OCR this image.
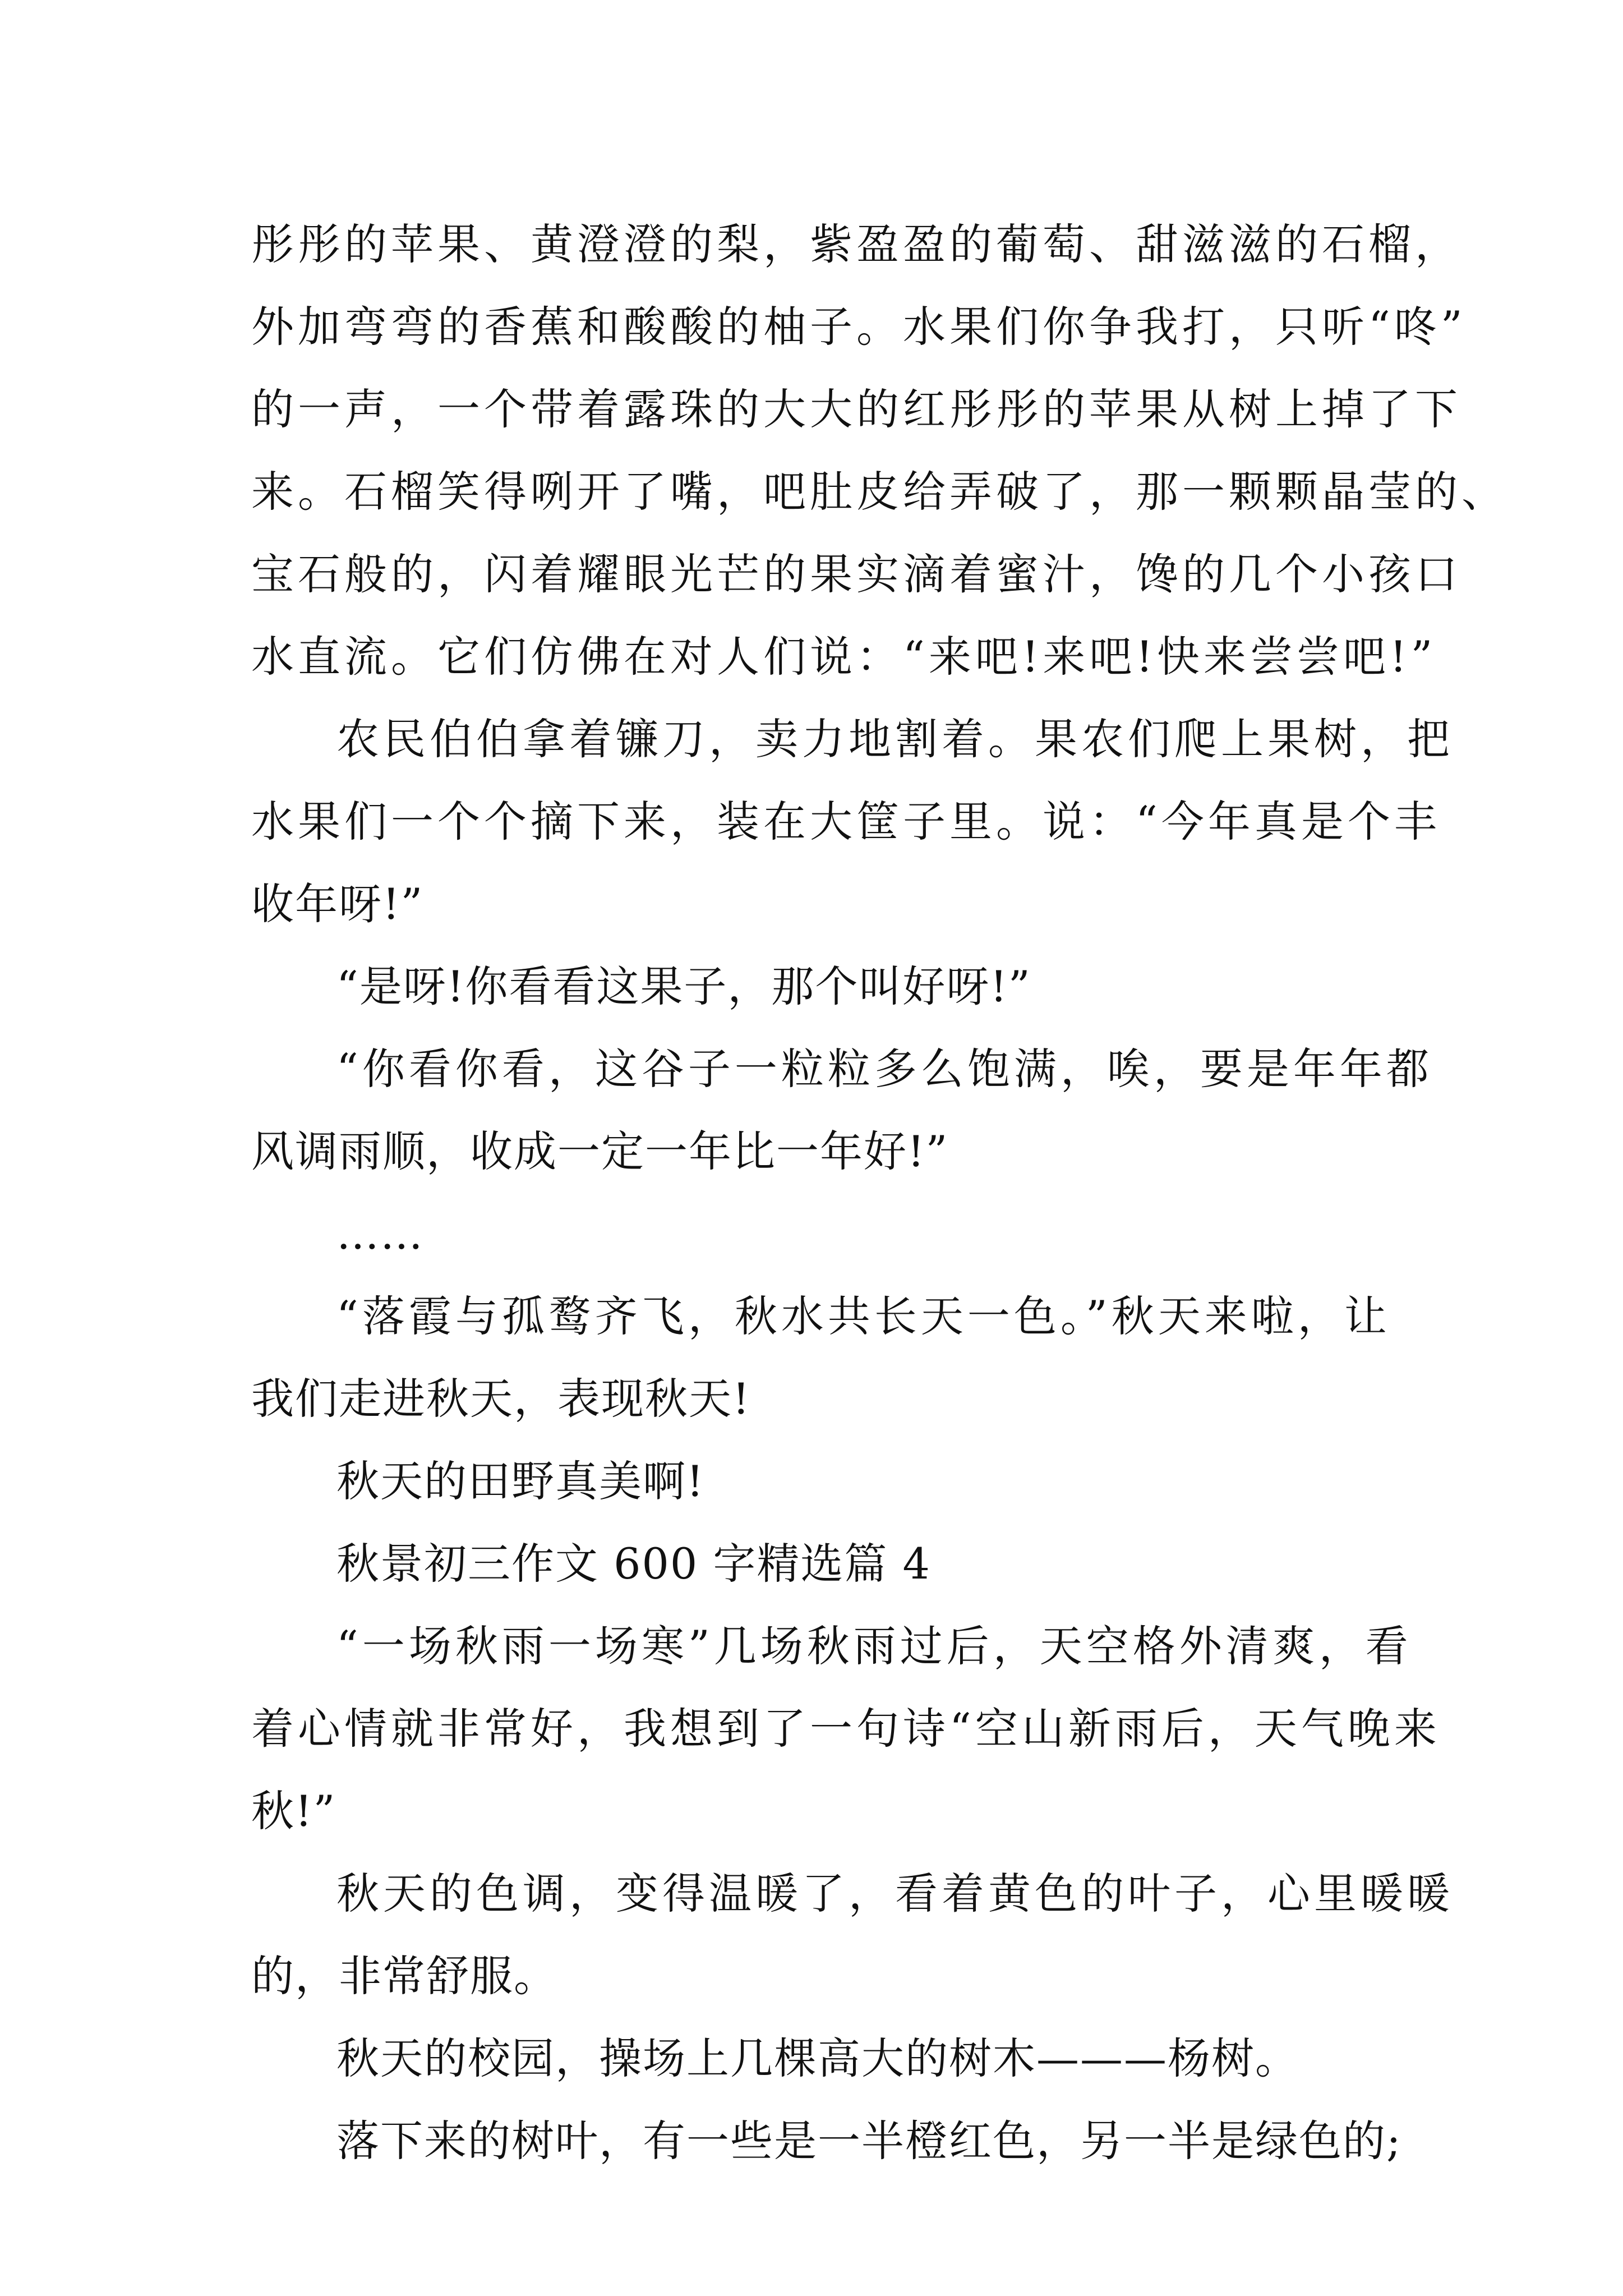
彤彤的苹果、黄澄澄的梨，紫盈盈的葡萄、甜滋滋的石榴，
外加弯弯的香蕉和酸酸的柚子。水果们你争我打，只听“咚”
的一声，一个带着露珠的大大的红彤彤的苹果从树上掉了下
来。石榴笑得咧开了嘴，吧肚皮给弄破了，那一颗颗晶莹的、
宝石般的，闪着耀眼光芒的果实滴着蜜汁，馋的几个小孩口
水直流。它们仿佛在对人们说：“来吧!来吧!快来尝尝吧!”
农民伯伯拿着镰刀，卖力地割着。果农们爬上果树，把
水果们一个个摘下来，装在大筐子里。说：“今年真是个丰
收年呀!”
“是呀!你看看这果子，那个叫好呀!”
“你看你看，这谷子一粒粒多么饱满，唉，要是年年都
风调雨顺，收成一定一年比一年好!”
……
“落霞与孤鹜齐飞，秋水共长天一色。”秋天来啦，让
我们走进秋天，表现秋天!
秋天的田野真美啊!
秋景初三作文 600 字精选篇 4
“一场秋雨一场寒”几场秋雨过后，天空格外清爽，看
着心情就非常好，我想到了一句诗“空山新雨后，天气晚来
秋!”
秋天的色调，变得温暖了，看着黄色的叶子，心里暖暖
的，非常舒服。
秋天的校园，操场上几棵高大的树木———杨树。
落下来的树叶，有一些是一半橙红色，另一半是绿色的;
